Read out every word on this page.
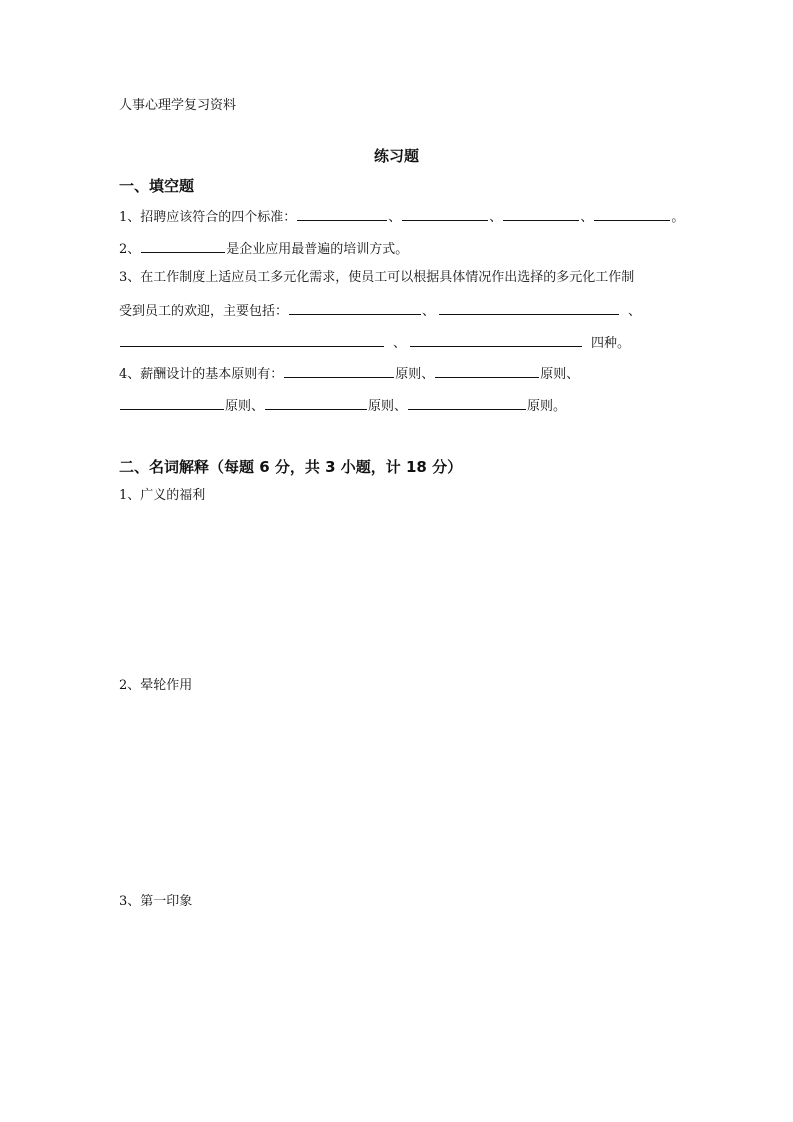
人事心理学复习资料
练习题
一、填空题
1、招聘应该符合的四个标准：	、	、	、	。
2、	是企业应用最普遍的培训方式。
3、在工作制度上适应员工多元化需求，使员工可以根据具体情况作出选择的多元化工作制
受到员工的欢迎，主要包括：	、	、
、	四种。
4、薪酬设计的基本原则有：	原则、	原则、
原则、	原则、	原则。
二、名词解释（每题 6 分，共 3 小题，计 18 分）
1、广义的福利
2、晕轮作用
3、第一印象
